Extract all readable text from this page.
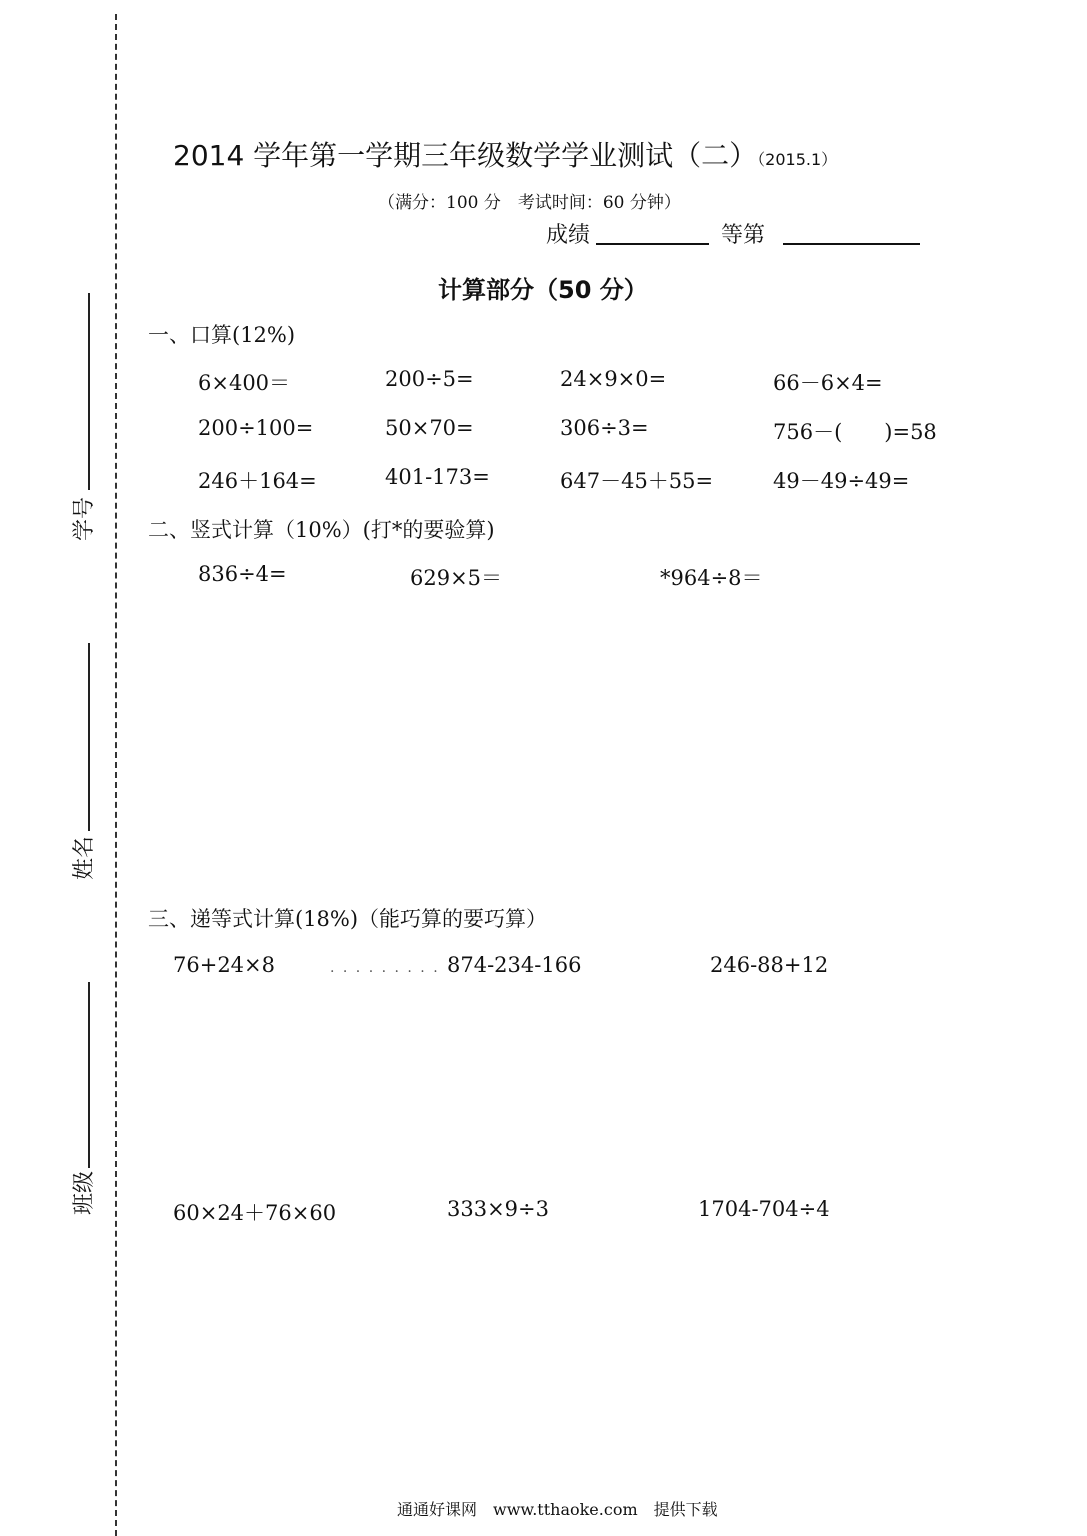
学号
姓名
班级
2014 学年第一学期三年级数学学业测试（二）（2015.1）
（满分：100 分　考试时间：60 分钟）
成绩	等第
计算部分（50 分）
一、口算(12%)
6×400＝	200÷5=	24×9×0=	66－6×4=
200÷100=	50×70=	306÷3=	756－(　　)=58
246＋164=	401-173=	647－45＋55=	49－49÷49=
二、竖式计算（10%）(打*的要验算)
836÷4=	629×5＝	*964÷8＝
三、递等式计算(18%)（能巧算的要巧算）
76+24×8	. . . . . . . . . 874-234-166	246-88+12
60×24＋76×60	333×9÷3	1704-704÷4
通通好课网　www.tthaoke.com　提供下载
